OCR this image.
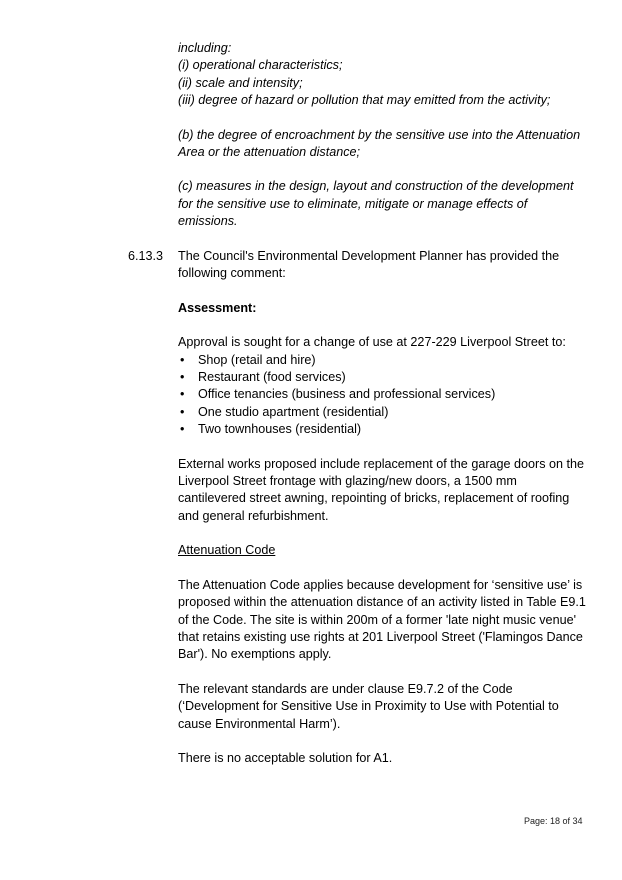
including:

(i) operational characteristics;

(ii) scale and intensity;

(iii) degree of hazard or pollution that may emitted from the activity;

(b) the degree of encroachment by the sensitive use into the Attenuation Area or the attenuation distance;

(c) measures in the design, layout and construction of the development for the sensitive use to eliminate, mitigate or manage effects of emissions.

6.13.3 The Council's Environmental Development Planner has provided the following comment:

Assessment:

Approval is sought for a change of use at 227-229 Liverpool Street to:

• Shop (retail and hire)
• Restaurant (food services)
• Office tenancies (business and professional services)
• One studio apartment (residential)
• Two townhouses (residential)

External works proposed include replacement of the garage doors on the Liverpool Street frontage with glazing/new doors, a 1500 mm cantilevered street awning, repointing of bricks, replacement of roofing and general refurbishment.

Attenuation Code

The Attenuation Code applies because development for ‘sensitive use’ is proposed within the attenuation distance of an activity listed in Table E9.1 of the Code. The site is within 200m of a former 'late night music venue' that retains existing use rights at 201 Liverpool Street ('Flamingos Dance Bar'). No exemptions apply.

The relevant standards are under clause E9.7.2 of the Code (‘Development for Sensitive Use in Proximity to Use with Potential to cause Environmental Harm’).

There is no acceptable solution for A1.

Page: 18 of 34
